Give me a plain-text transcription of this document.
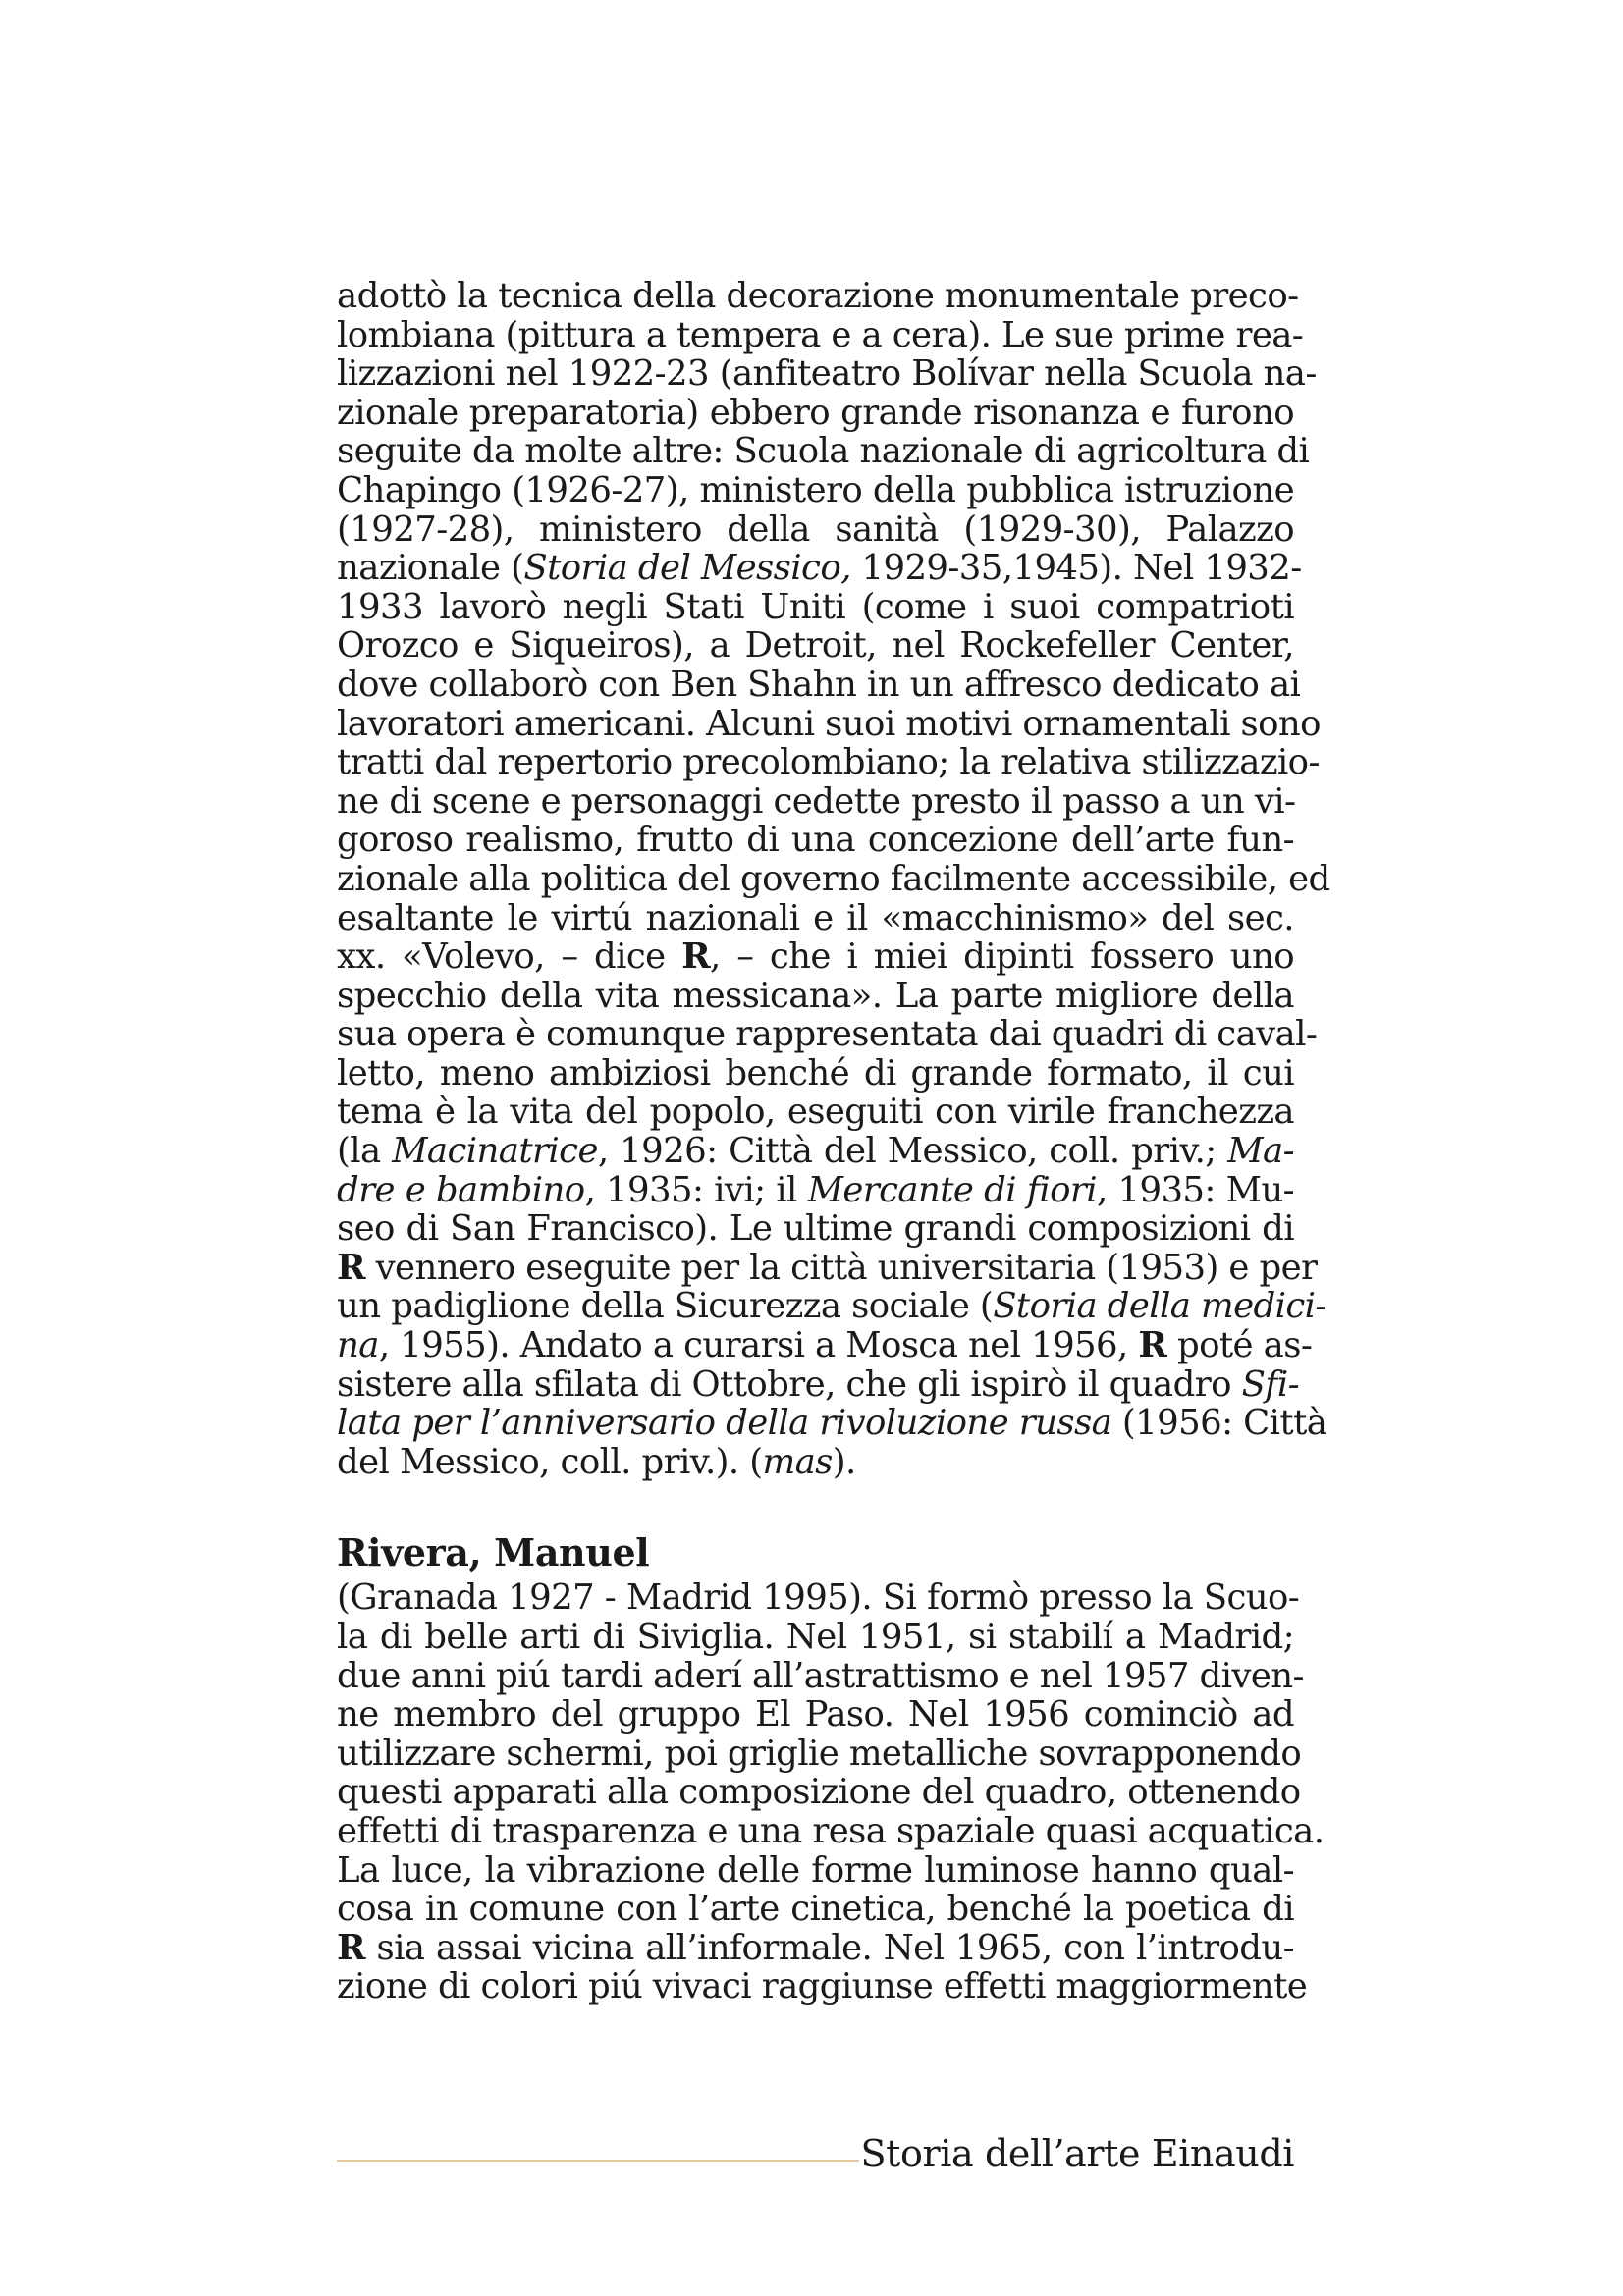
adottò la tecnica della decorazione monumentale preco-
lombiana (pittura a tempera e a cera). Le sue prime rea-
lizzazioni nel 1922-23 (anfiteatro Bolívar nella Scuola na-
zionale preparatoria) ebbero grande risonanza e furono
seguite da molte altre: Scuola nazionale di agricoltura di
Chapingo (1926-27), ministero della pubblica istruzione
(1927-28), ministero della sanità (1929-30), Palazzo
nazionale (Storia del Messico, 1929-35,1945). Nel 1932-
1933 lavorò negli Stati Uniti (come i suoi compatrioti
Orozco e Siqueiros), a Detroit, nel Rockefeller Center,
dove collaborò con Ben Shahn in un affresco dedicato ai
lavoratori americani. Alcuni suoi motivi ornamentali sono
tratti dal repertorio precolombiano; la relativa stilizzazio-
ne di scene e personaggi cedette presto il passo a un vi-
goroso realismo, frutto di una concezione dell’arte fun-
zionale alla politica del governo facilmente accessibile, ed
esaltante le virtú nazionali e il «macchinismo» del sec.
xx. «Volevo, – dice R, – che i miei dipinti fossero uno
specchio della vita messicana». La parte migliore della
sua opera è comunque rappresentata dai quadri di caval-
letto, meno ambiziosi benché di grande formato, il cui
tema è la vita del popolo, eseguiti con virile franchezza
(la Macinatrice, 1926: Città del Messico, coll. priv.; Ma-
dre e bambino, 1935: ivi; il Mercante di fiori, 1935: Mu-
seo di San Francisco). Le ultime grandi composizioni di
R vennero eseguite per la città universitaria (1953) e per
un padiglione della Sicurezza sociale (Storia della medici-
na, 1955). Andato a curarsi a Mosca nel 1956, R poté as-
sistere alla sfilata di Ottobre, che gli ispirò il quadro Sfi-
lata per l’anniversario della rivoluzione russa (1956: Città
del Messico, coll. priv.). (mas).
Rivera, Manuel
(Granada 1927 - Madrid 1995). Si formò presso la Scuo-
la di belle arti di Siviglia. Nel 1951, si stabilí a Madrid;
due anni piú tardi aderí all’astrattismo e nel 1957 diven-
ne membro del gruppo El Paso. Nel 1956 cominciò ad
utilizzare schermi, poi griglie metalliche sovrapponendo
questi apparati alla composizione del quadro, ottenendo
effetti di trasparenza e una resa spaziale quasi acquatica.
La luce, la vibrazione delle forme luminose hanno qual-
cosa in comune con l’arte cinetica, benché la poetica di
R sia assai vicina all’informale. Nel 1965, con l’introdu-
zione di colori piú vivaci raggiunse effetti maggiormente
Storia dell’arte Einaudi
